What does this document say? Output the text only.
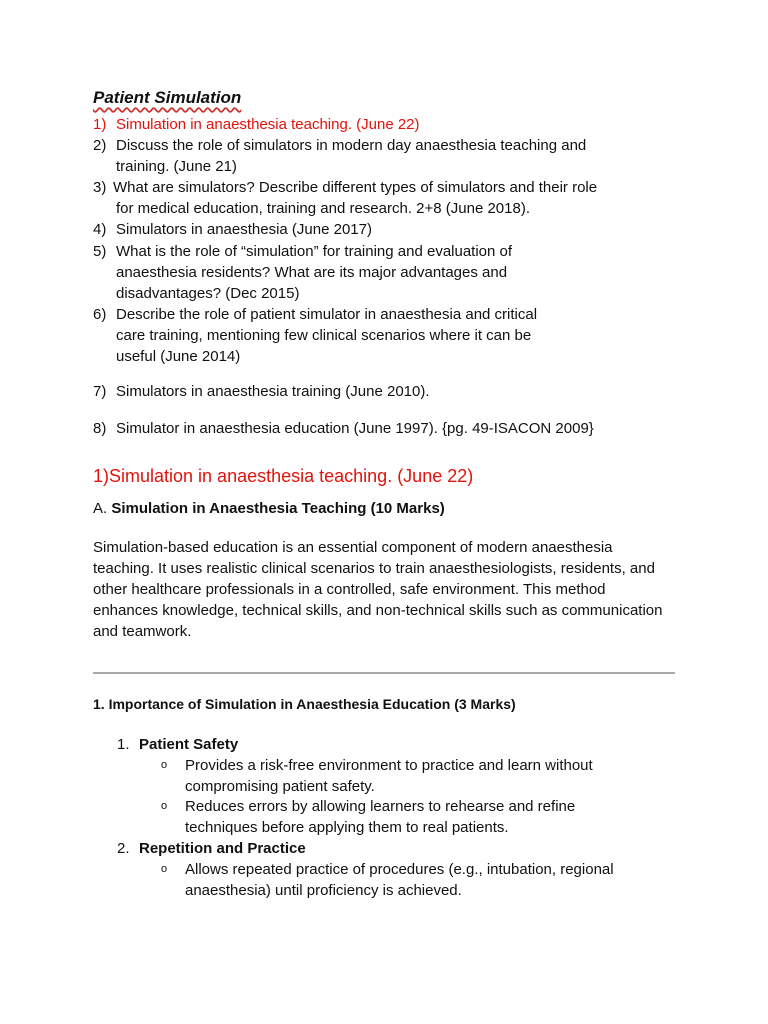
Patient Simulation
1) Simulation in anaesthesia teaching. (June 22)
2) Discuss the role of simulators in modern day anaesthesia teaching and
training. (June 21)
3) What are simulators? Describe different types of simulators and their role
for medical education, training and research. 2+8 (June 2018).
4) Simulators in anaesthesia (June 2017)
5) What is the role of “simulation” for training and evaluation of
anaesthesia residents? What are its major advantages and
disadvantages? (Dec 2015)
6) Describe the role of patient simulator in anaesthesia and critical
care training, mentioning few clinical scenarios where it can be
useful (June 2014)
7) Simulators in anaesthesia training (June 2010).
8) Simulator in anaesthesia education (June 1997). {pg. 49-ISACON 2009}
1)Simulation in anaesthesia teaching. (June 22)
A. Simulation in Anaesthesia Teaching (10 Marks)
Simulation-based education is an essential component of modern anaesthesia teaching. It uses realistic clinical scenarios to train anaesthesiologists, residents, and other healthcare professionals in a controlled, safe environment. This method enhances knowledge, technical skills, and non-technical skills such as communication and teamwork.
1. Importance of Simulation in Anaesthesia Education (3 Marks)
1. Patient Safety
o Provides a risk-free environment to practice and learn without
compromising patient safety.
o Reduces errors by allowing learners to rehearse and refine
techniques before applying them to real patients.
2. Repetition and Practice
o Allows repeated practice of procedures (e.g., intubation, regional
anaesthesia) until proficiency is achieved.
